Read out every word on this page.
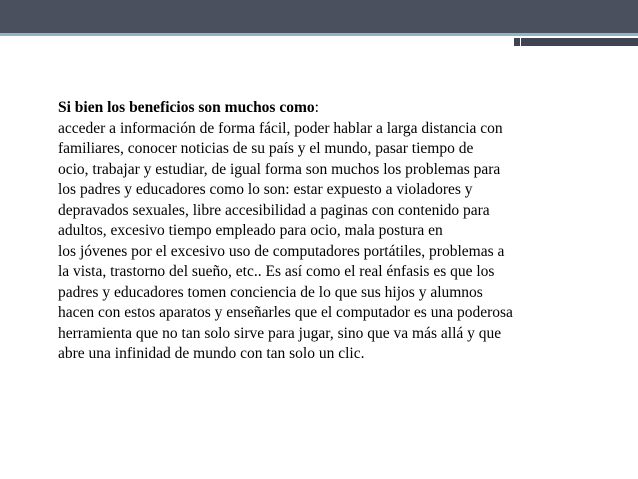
Si bien los beneficios son muchos como:
acceder a información de forma fácil, poder hablar a larga distancia con
familiares, conocer noticias de su país y el mundo, pasar tiempo de
ocio, trabajar y estudiar, de igual forma son muchos los problemas para
los padres y educadores como lo son: estar expuesto a violadores y
depravados sexuales, libre accesibilidad a paginas con contenido para
adultos, excesivo tiempo empleado para ocio, mala postura en
los jóvenes por el excesivo uso de computadores portátiles, problemas a
la vista, trastorno del sueño, etc.. Es así como el real énfasis es que los
padres y educadores tomen conciencia de lo que sus hijos y alumnos
hacen con estos aparatos y enseñarles que el computador es una poderosa
herramienta que no tan solo sirve para jugar, sino que va más allá y que
abre una infinidad de mundo con tan solo un clic.
